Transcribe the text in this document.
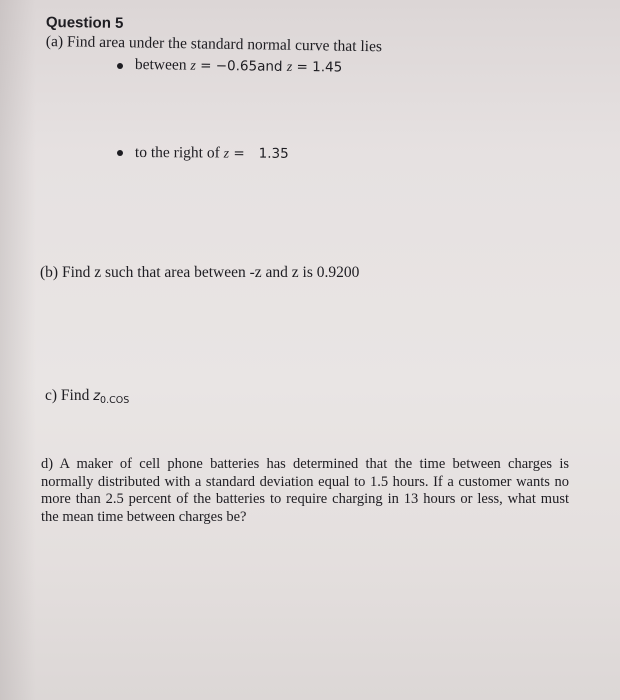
Question 5
(a) Find area under the standard normal curve that lies
between z = −0.65and z = 1.45
to the right of z = 1.35
(b) Find z such that area between -z and z is 0.9200
c) Find $z_{0.COS}$
d) A maker of cell phone batteries has determined that the time between charges is
normally distributed with a standard deviation equal to 1.5 hours. If a customer wants no
more than 2.5 percent of the batteries to require charging in 13 hours or less, what must
the mean time between charges be?
